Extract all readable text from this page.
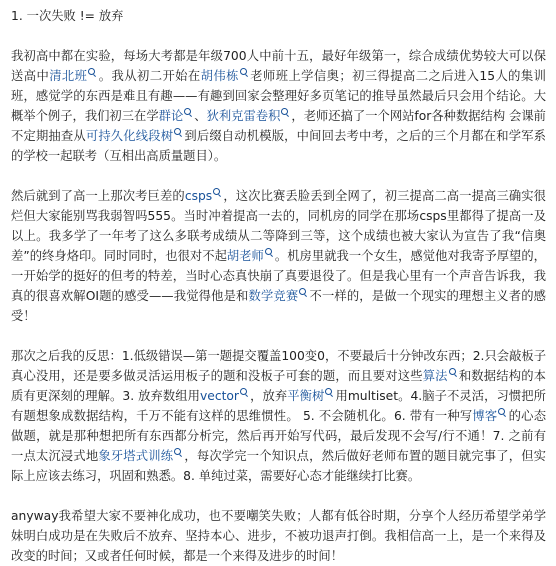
1. 一次失败 != 放弃

我初高中都在实验，每场大考都是年级700人中前十五，最好年级第一，综合成绩优势较大可以保送高中清北班 。我从初二开始在胡伟栋 老师班上学信奥；初三得提高二之后进入15人的集训班，感觉学的东西是难且有趣——有趣到回家会整理好多页笔记的推导虽然最后只会用个结论。大概举个例子，我们初三在学群论 、狄利克雷卷积 ，老师还搞了一个网站for各种数据结构 会课前不定期抽查从可持久化线段树 到后缀自动机模版，中间回去考中考，之后的三个月都在和学军系的学校一起联考（互相出高质量题目）。

然后就到了高一上那次考巨差的csps ，这次比赛丢脸丢到全网了，初三提高二高一提高三确实很烂但大家能别骂我弱智吗555。当时冲着提高一去的，同机房的同学在那场csps里都得了提高一及以上。我多学了一年考了这么多联考成绩从二等降到三等，这个成绩也被大家认为宣告了我“信奥差”的终身烙印。同时同时，也很对不起胡老师 。机房里就我一个女生，感觉他对我寄予厚望的，一开始学的挺好的但考的特差，当时心态真快崩了真要退役了。但是我心里有一个声音告诉我，我真的很喜欢解OI题的感受——我觉得他是和数学竞赛 不一样的，是做一个现实的理想主义者的感受！

那次之后我的反思：1.低级错误—第一题提交覆盖100变0，不要最后十分钟改东西；2.只会敲板子真心没用，还是要多做灵活运用板子的题和没板子可套的题，而且要对这些算法 和数据结构的本质有更深刻的理解。3. 放弃数组用vector ，放弃平衡树 用multiset。4.脑子不灵活，习惯把所有题想象成数据结构，千万不能有这样的思维惯性。 5. 不会随机化。6. 带有一种写博客 的心态做题，就是那种想把所有东西都分析完，然后再开始写代码，最后发现不会写/行不通！7. 之前有一点太沉浸式地象牙塔式训练 ，每次学完一个知识点，然后做好老师布置的题目就完事了，但实际上应该去练习，巩固和熟悉。8. 单纯过菜，需要好心态才能继续打比赛。

anyway我希望大家不要神化成功，也不要嘲笑失败；人都有低谷时期，分享个人经历希望学弟学妹明白成功是在失败后不放弃、坚持本心、进步，不被功退声打倒。我相信高一上，是一个来得及改变的时间；又或者任何时候，都是一个来得及进步的时间！
